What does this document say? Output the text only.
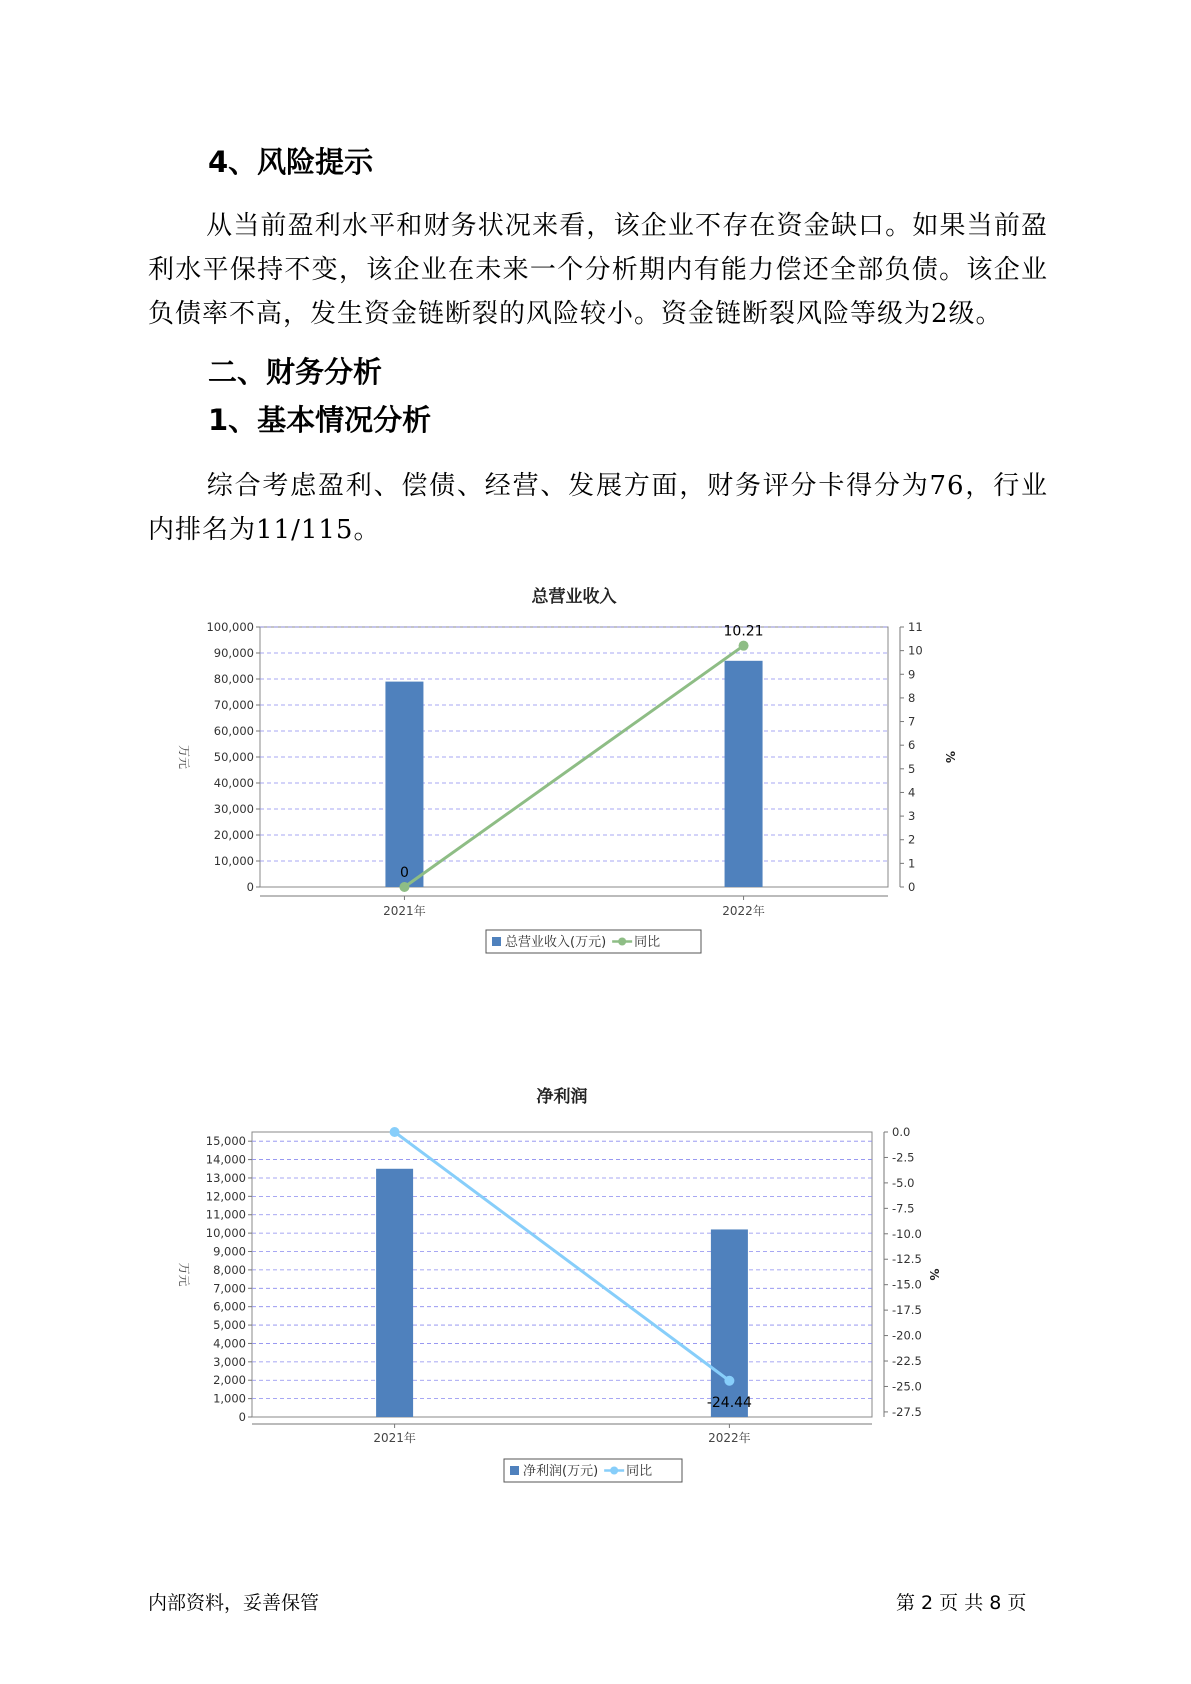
4、风险提示

从当前盈利水平和财务状况来看，该企业不存在资金缺口。如果当前盈利水平保持不变，该企业在未来一个分析期内有能力偿还全部负债。该企业负债率不高，发生资金链断裂的风险较小。资金链断裂风险等级为2级。

二、财务分析
1、基本情况分析

综合考虑盈利、偿债、经营、发展方面，财务评分卡得分为76，行业内排名为11/115。

总营业收入
0
10,000
20,000
30,000
40,000
50,000
60,000
70,000
80,000
90,000
100,000
0
1
2
3
4
5
6
7
8
9
10
11
万元	%
2021年	2022年
0
10.21
总营业收入(万元) 同比
净利润
0
1,000
2,000
3,000
4,000
5,000
6,000
7,000
8,000
9,000
10,000
11,000
12,000
13,000
14,000
15,000
0.0
-2.5
-5.0
-7.5
-10.0
-12.5
-15.0
-17.5
-20.0
-22.5
-25.0
-27.5
万元	%
2021年	2022年
-24.44
净利润(万元) 同比
内部资料，妥善保管	第 2 页 共 8 页
